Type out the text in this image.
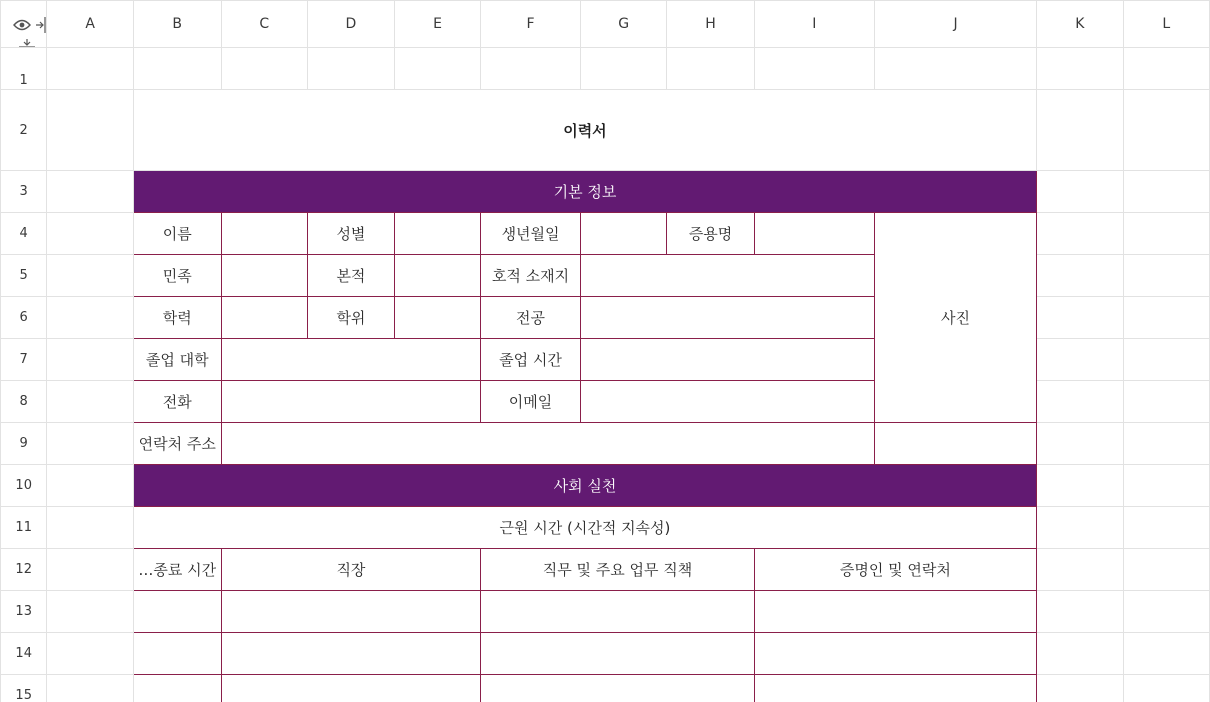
	A	B	C	D	E	F	G	H	I	J	K	L
1												
2		이력서										
3		기본 정보										
4		이름		성별		생년월일		증용명		사진		
5		민족		본적		호적 소재지						
6		학력		학위		전공						
7		졸업 대학				졸업 시간						
8		전화				이메일						
9		연락처 주소										
10		사회 실천										
11		근원 시간 (시간적 지속성)										
12		…종료 시간	직장			직무 및 주요 업무 직책			증명인 및 연락처			
13												
14												
15												
